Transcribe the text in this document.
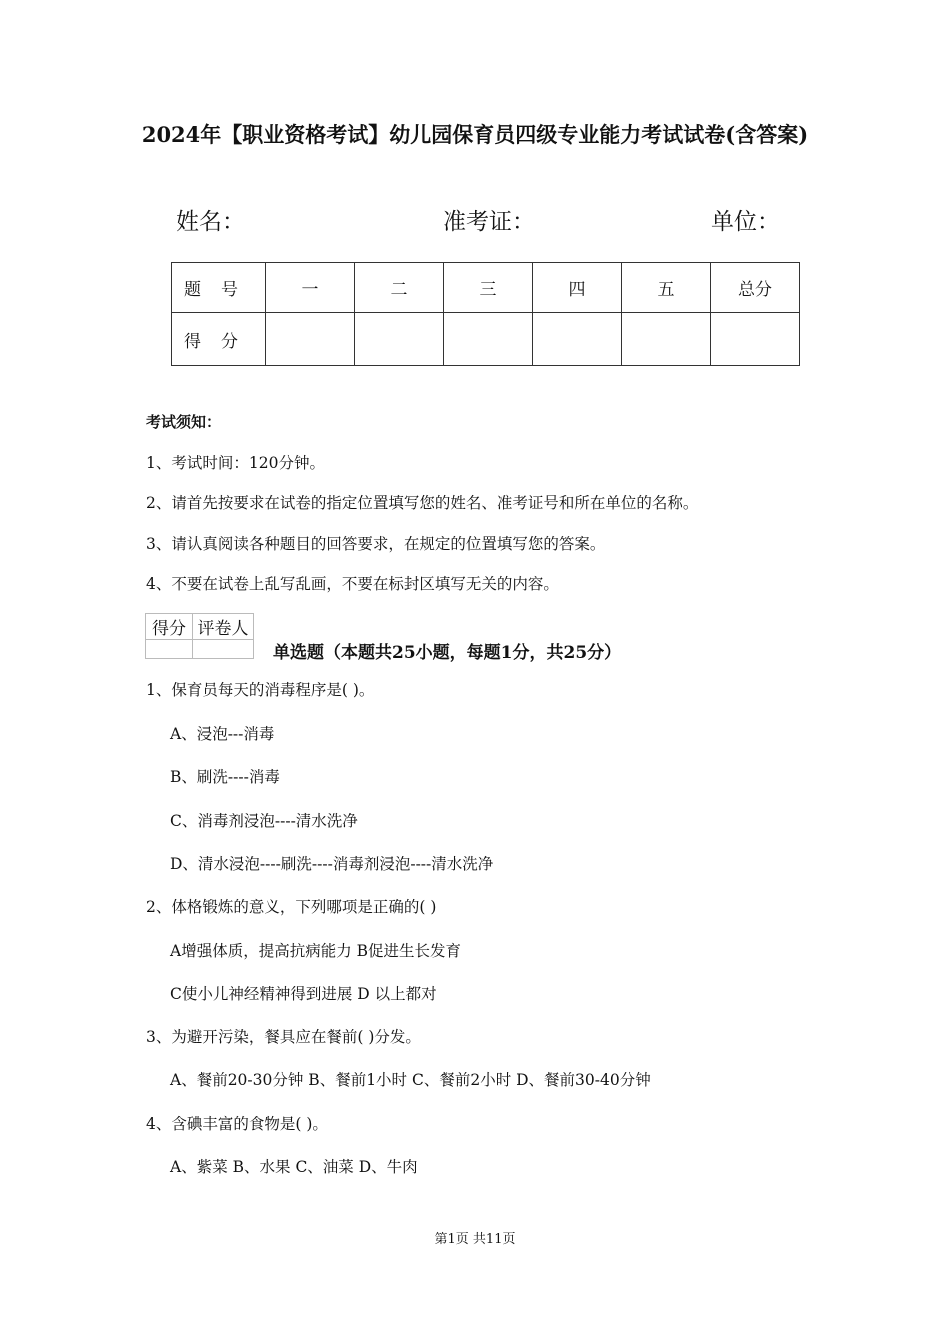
2024年【职业资格考试】幼儿园保育员四级专业能力考试试卷(含答案)
姓名：	准考证：	单位：
题号	一	二	三	四	五	总分
得分						
考试须知：
1、考试时间：120分钟。
2、请首先按要求在试卷的指定位置填写您的姓名、准考证号和所在单位的名称。
3、请认真阅读各种题目的回答要求，在规定的位置填写您的答案。
4、不要在试卷上乱写乱画，不要在标封区填写无关的内容。
得分	评卷人

单选题（本题共25小题，每题1分，共25分）
1、保育员每天的消毒程序是( )。
A、浸泡---消毒
B、刷洗----消毒
C、消毒剂浸泡----清水洗净
D、清水浸泡----刷洗----消毒剂浸泡----清水洗净
2、体格锻炼的意义，下列哪项是正确的( )
A增强体质，提高抗病能力 B促进生长发育
C使小儿神经精神得到进展 D 以上都对
3、为避开污染，餐具应在餐前( )分发。
A、餐前20-30分钟 B、餐前1小时 C、餐前2小时 D、餐前30-40分钟
4、含碘丰富的食物是( )。
A、紫菜 B、水果 C、油菜 D、牛肉
第1页 共11页
